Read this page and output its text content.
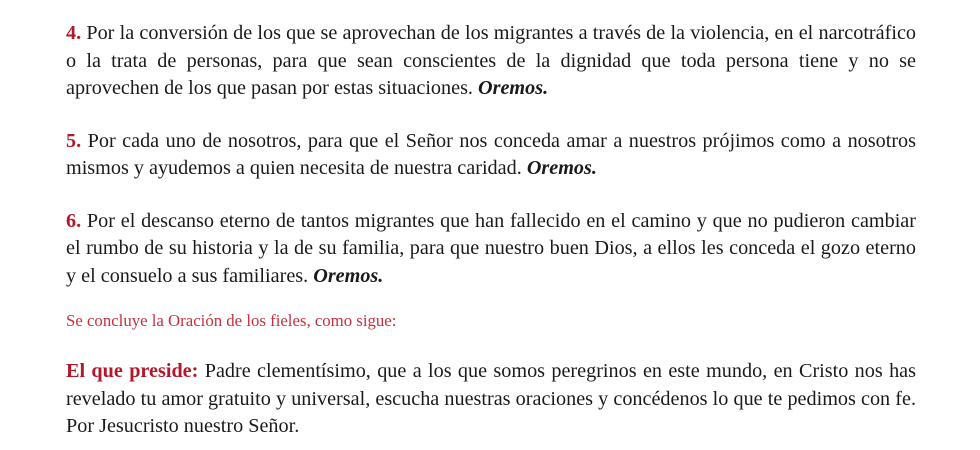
4. Por la conversión de los que se aprovechan de los migrantes a través de la violencia, en el narcotráfico o la trata de personas, para que sean conscientes de la dignidad que toda persona tiene y no se aprovechen de los que pasan por estas situaciones. Oremos.

5. Por cada uno de nosotros, para que el Señor nos conceda amar a nuestros prójimos como a nosotros mismos y ayudemos a quien necesita de nuestra caridad. Oremos.

6. Por el descanso eterno de tantos migrantes que han fallecido en el camino y que no pudieron cambiar el rumbo de su historia y la de su familia, para que nuestro buen Dios, a ellos les conceda el gozo eterno y el consuelo a sus familiares. Oremos.

Se concluye la Oración de los fieles, como sigue:

El que preside: Padre clementísimo, que a los que somos peregrinos en este mundo, en Cristo nos has revelado tu amor gratuito y universal, escucha nuestras oraciones y concédenos lo que te pedimos con fe. Por Jesucristo nuestro Señor.
